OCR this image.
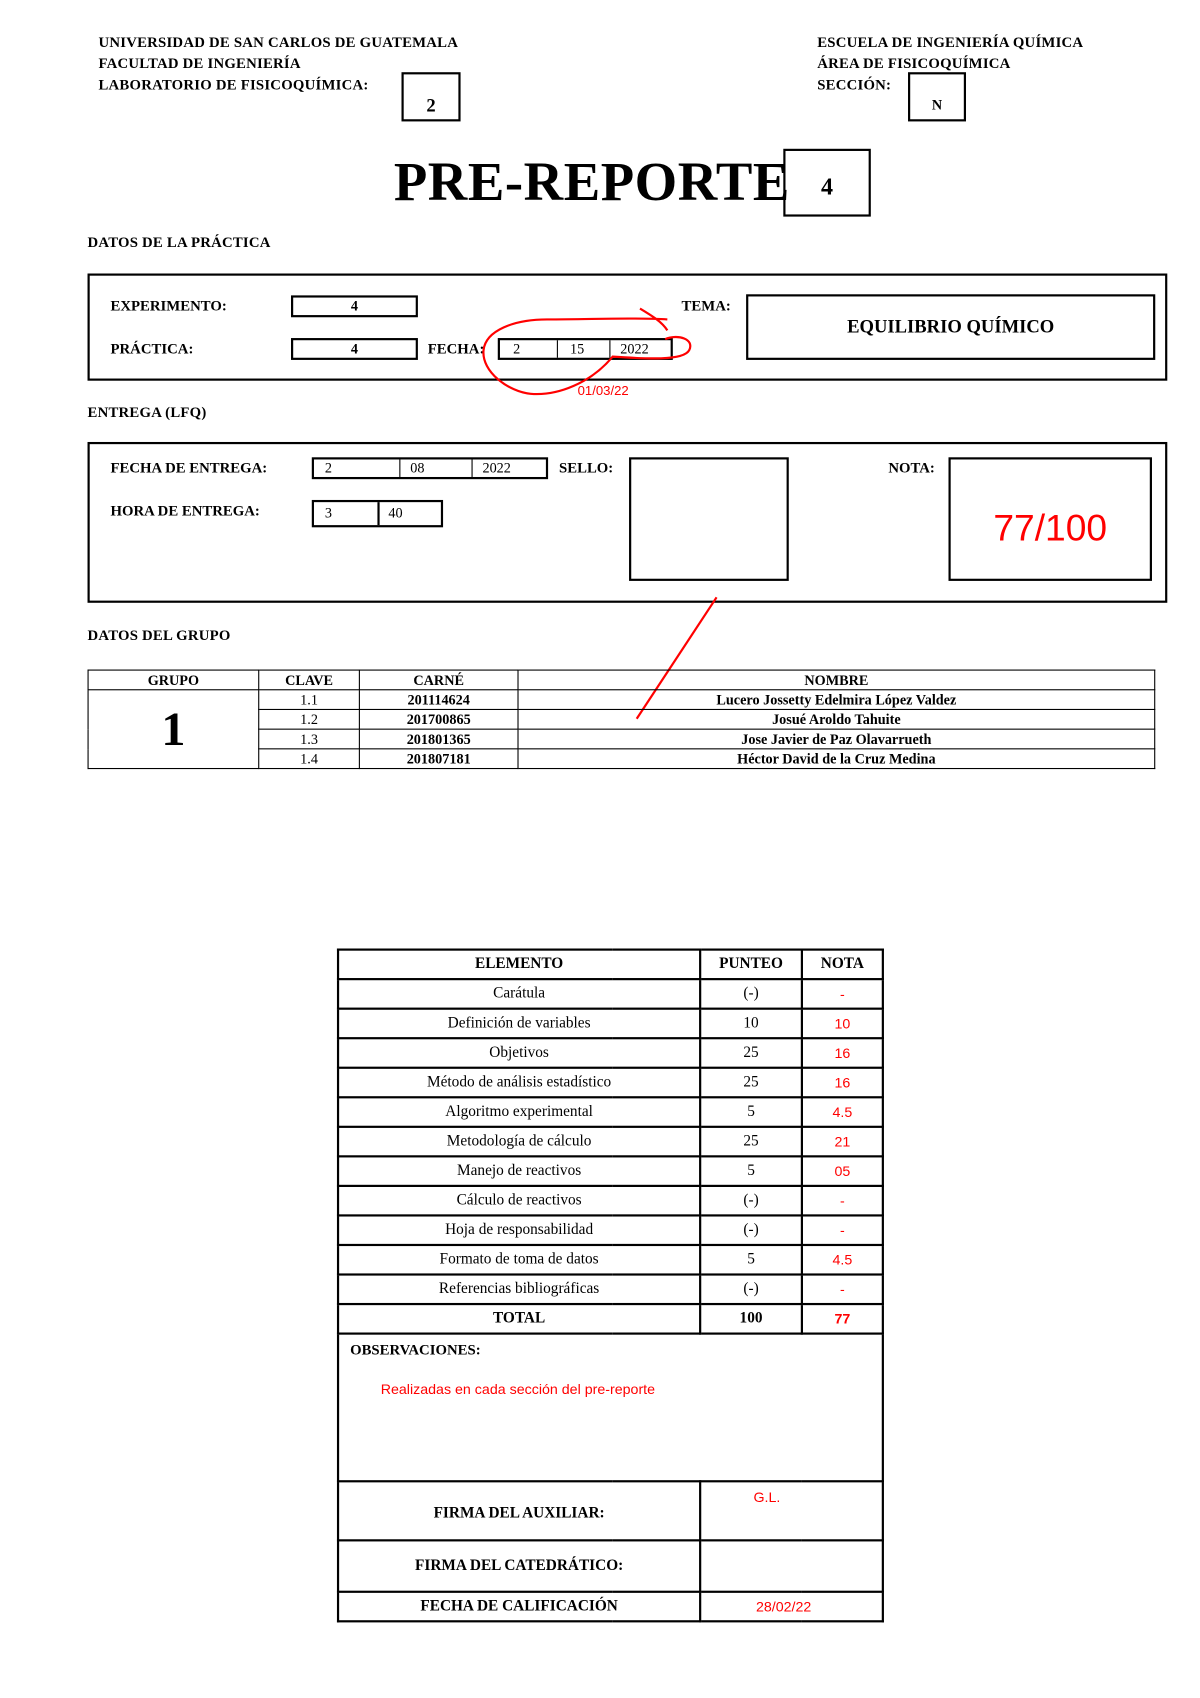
UNIVERSIDAD DE SAN CARLOS DE GUATEMALA
FACULTAD DE INGENIERÍA
LABORATORIO DE FISICOQUÍMICA:
2
ESCUELA DE INGENIERÍA QUÍMICA
ÁREA DE FISICOQUÍMICA
SECCIÓN:
N
PRE-REPORTE	4
DATOS DE LA PRÁCTICA
EXPERIMENTO:	4
PRÁCTICA:	4	FECHA: 2	15	2022
TEMA:
EQUILIBRIO QUÍMICO
01/03/22
ENTREGA (LFQ)
FECHA DE ENTREGA:	2	08	2022
HORA DE ENTREGA:	3	40
SELLO:	NOTA:
77/100
DATOS DEL GRUPO
GRUPO	CLAVE	CARNÉ	NOMBRE
1	1.1	201114624	Lucero Jossetty Edelmira López Valdez
	1.2	201700865	Josué Aroldo Tahuite
	1.3	201801365	Jose Javier de Paz Olavarrueth
	1.4	201807181	Héctor David de la Cruz Medina
ELEMENTO	PUNTEO	NOTA
Carátula	(-)	-
Definición de variables	10	10
Objetivos	25	16
Método de análisis estadístico	25	16
Algoritmo experimental	5	4.5
Metodología de cálculo	25	21
Manejo de reactivos	5	05
Cálculo de reactivos	(-)	-
Hoja de responsabilidad	(-)	-
Formato de toma de datos	5	4.5
Referencias bibliográficas	(-)	-
TOTAL	100	77

OBSERVACIONES:
Realizadas en cada sección del pre-reporte		

FIRMA DEL AUXILIAR:	G.L.	
FIRMA DEL CATEDRÁTICO:		
FECHA DE CALIFICACIÓN	28/02/22	
